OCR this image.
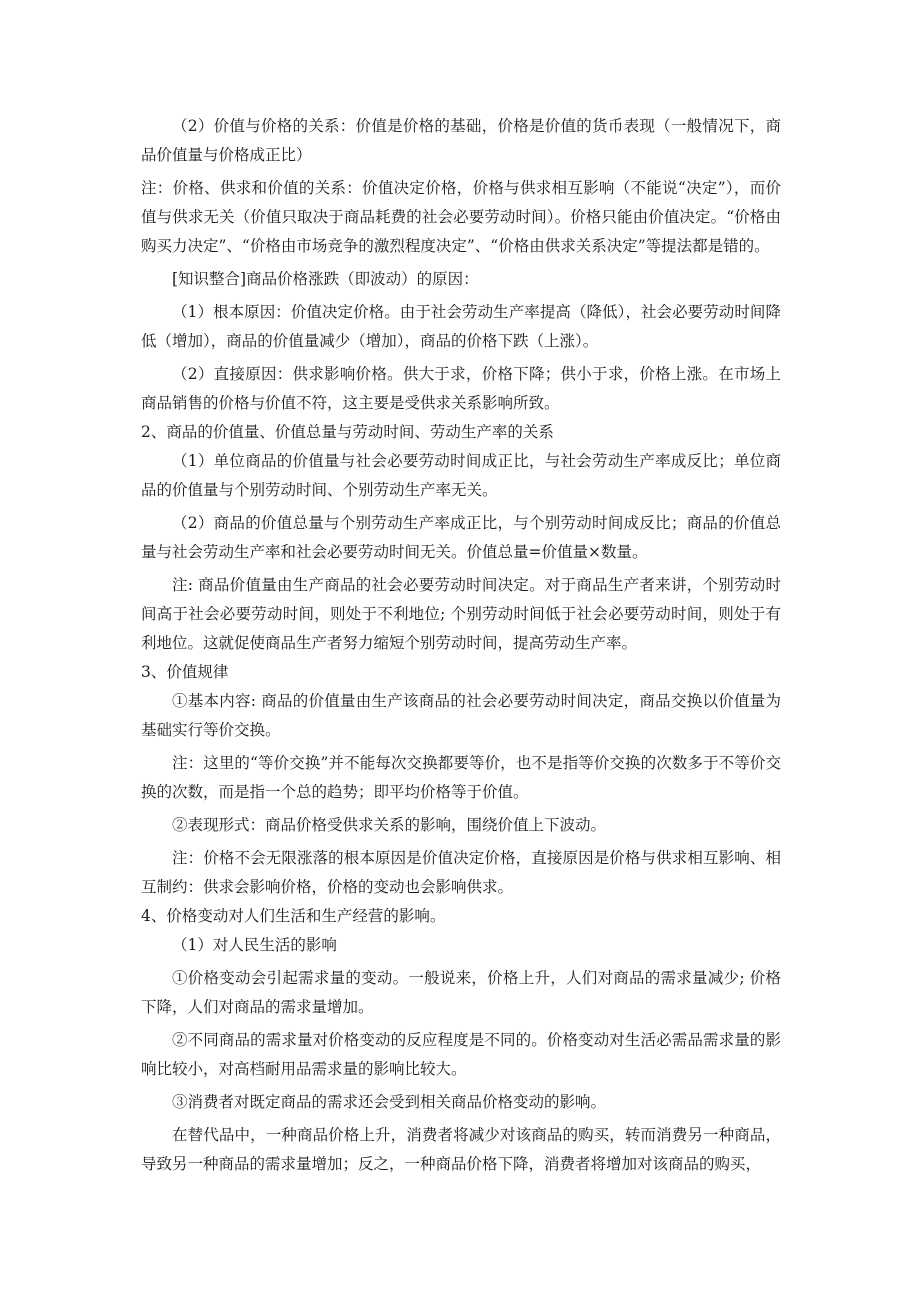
（2）价值与价格的关系：价值是价格的基础，价格是价值的货币表现（一般情况下，商品价值量与价格成正比）

注：价格、供求和价值的关系：价值决定价格，价格与供求相互影响（不能说“决定”），而价值与供求无关（价值只取决于商品耗费的社会必要劳动时间）。价格只能由价值决定。“价格由购买力决定”、“价格由市场竞争的激烈程度决定”、“价格由供求关系决定”等提法都是错的。

[知识整合]商品价格涨跌（即波动）的原因：

（1）根本原因：价值决定价格。由于社会劳动生产率提高（降低），社会必要劳动时间降低（增加），商品的价值量减少（增加），商品的价格下跌（上涨）。

（2）直接原因：供求影响价格。供大于求，价格下降；供小于求，价格上涨。在市场上商品销售的价格与价值不符，这主要是受供求关系影响所致。

2、商品的价值量、价值总量与劳动时间、劳动生产率的关系

（1）单位商品的价值量与社会必要劳动时间成正比，与社会劳动生产率成反比；单位商品的价值量与个别劳动时间、个别劳动生产率无关。

（2）商品的价值总量与个别劳动生产率成正比，与个别劳动时间成反比；商品的价值总量与社会劳动生产率和社会必要劳动时间无关。价值总量=价值量×数量。

注: 商品价值量由生产商品的社会必要劳动时间决定。对于商品生产者来讲，个别劳动时间高于社会必要劳动时间，则处于不利地位; 个别劳动时间低于社会必要劳动时间，则处于有利地位。这就促使商品生产者努力缩短个别劳动时间，提高劳动生产率。

3、价值规律

①基本内容: 商品的价值量由生产该商品的社会必要劳动时间决定，商品交换以价值量为基础实行等价交换。

注：这里的“等价交换”并不能每次交换都要等价，也不是指等价交换的次数多于不等价交换的次数，而是指一个总的趋势；即平均价格等于价值。

②表现形式：商品价格受供求关系的影响，围绕价值上下波动。

注：价格不会无限涨落的根本原因是价值决定价格，直接原因是价格与供求相互影响、相互制约：供求会影响价格，价格的变动也会影响供求。

4、价格变动对人们生活和生产经营的影响。

（1）对人民生活的影响

①价格变动会引起需求量的变动。一般说来，价格上升，人们对商品的需求量减少; 价格下降，人们对商品的需求量增加。

②不同商品的需求量对价格变动的反应程度是不同的。价格变动对生活必需品需求量的影响比较小，对高档耐用品需求量的影响比较大。

③消费者对既定商品的需求还会受到相关商品价格变动的影响。

在替代品中，一种商品价格上升，消费者将减少对该商品的购买，转而消费另一种商品，导致另一种商品的需求量增加；反之，一种商品价格下降，消费者将增加对该商品的购买，
